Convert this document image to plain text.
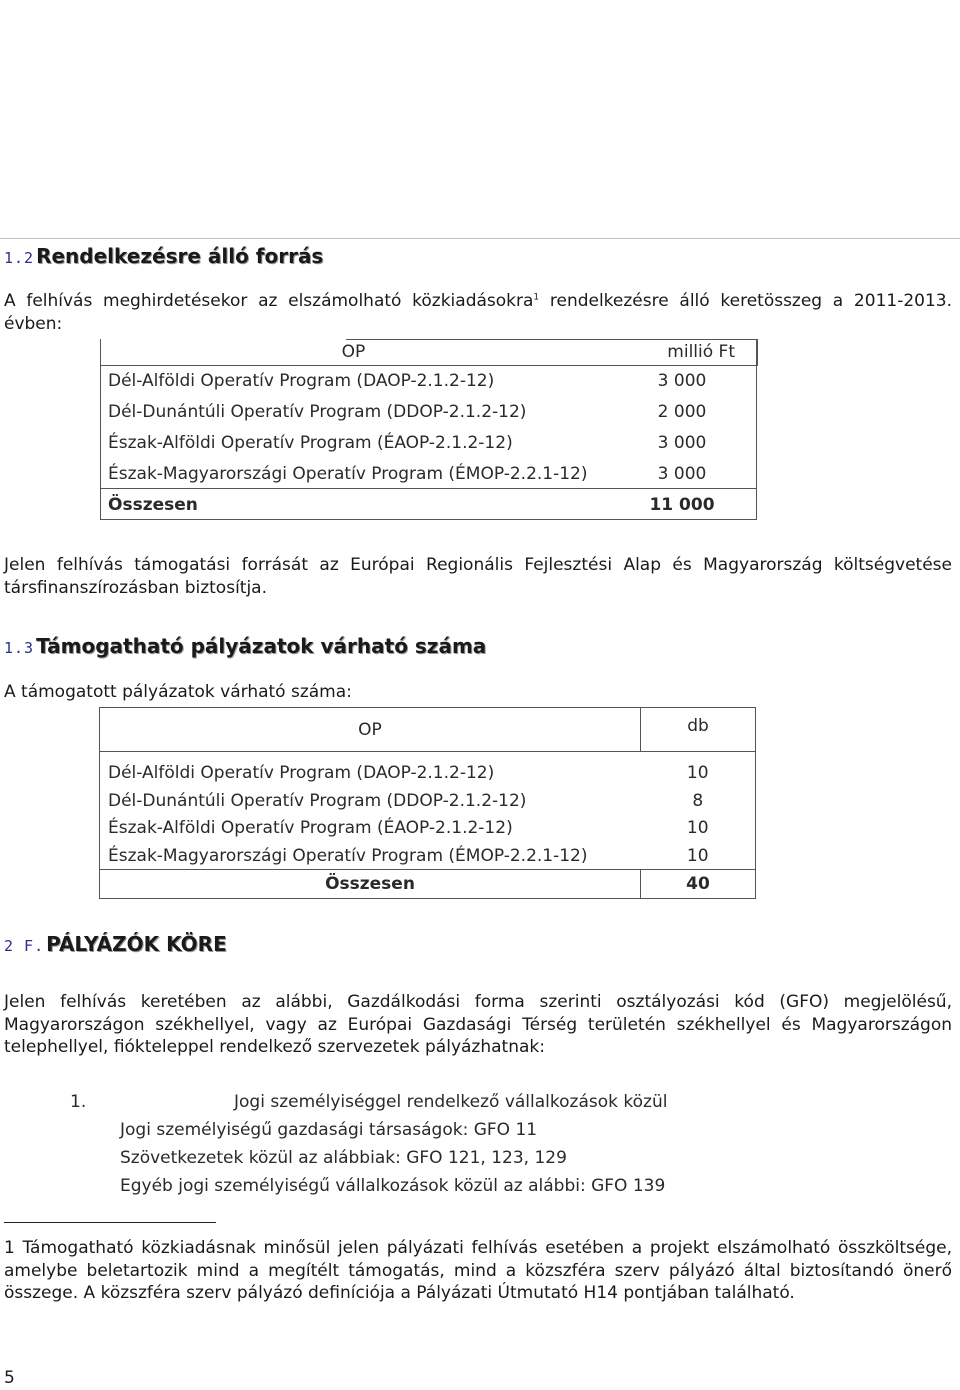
1.2 Rendelkezésre álló forrás
A felhívás meghirdetésekor az elszámolható közkiadásokra$^1$ rendelkezésre álló keretösszeg a 2011-2013. évben:
OP	millió Ft
Dél-Alföldi Operatív Program (DAOP-2.1.2-12)	3 000
Dél-Dunántúli Operatív Program (DDOP-2.1.2-12)	2 000
Észak-Alföldi Operatív Program (ÉAOP-2.1.2-12)	3 000
Észak-Magyarországi Operatív Program (ÉMOP-2.2.1-12)	3 000
Összesen	11 000
Jelen felhívás támogatási forrását az Európai Regionális Fejlesztési Alap és Magyarország költségvetése társfinanszírozásban biztosítja.
1.3 Támogatható pályázatok várható száma
A támogatott pályázatok várható száma:
OP	db

Dél-Alföldi Operatív Program (DAOP-2.1.2-12)	10
Dél-Dunántúli Operatív Program (DDOP-2.1.2-12)	8
Észak-Alföldi Operatív Program (ÉAOP-2.1.2-12)	10
Észak-Magyarországi Operatív Program (ÉMOP-2.2.1-12)	10
Összesen	40
2 F. PÁLYÁZÓK KÖRE
Jelen felhívás keretében az alábbi, Gazdálkodási forma szerinti osztályozási kód (GFO) megjelölésű, Magyarországon székhellyel, vagy az Európai Gazdasági Térség területén székhellyel és Magyarországon telephellyel, fiókteleppel rendelkező szervezetek pályázhatnak:
1.	Jogi személyiséggel rendelkező vállalkozások közül
Jogi személyiségű gazdasági társaságok: GFO 11
Szövetkezetek közül az alábbiak: GFO 121, 123, 129
Egyéb jogi személyiségű vállalkozások közül az alábbi: GFO 139
1 Támogatható közkiadásnak minősül jelen pályázati felhívás esetében a projekt elszámolható összköltsége, amelybe beletartozik mind a megítélt támogatás, mind a közszféra szerv pályázó által biztosítandó önerő összege. A közszféra szerv pályázó definíciója a Pályázati Útmutató H14 pontjában található.
5
